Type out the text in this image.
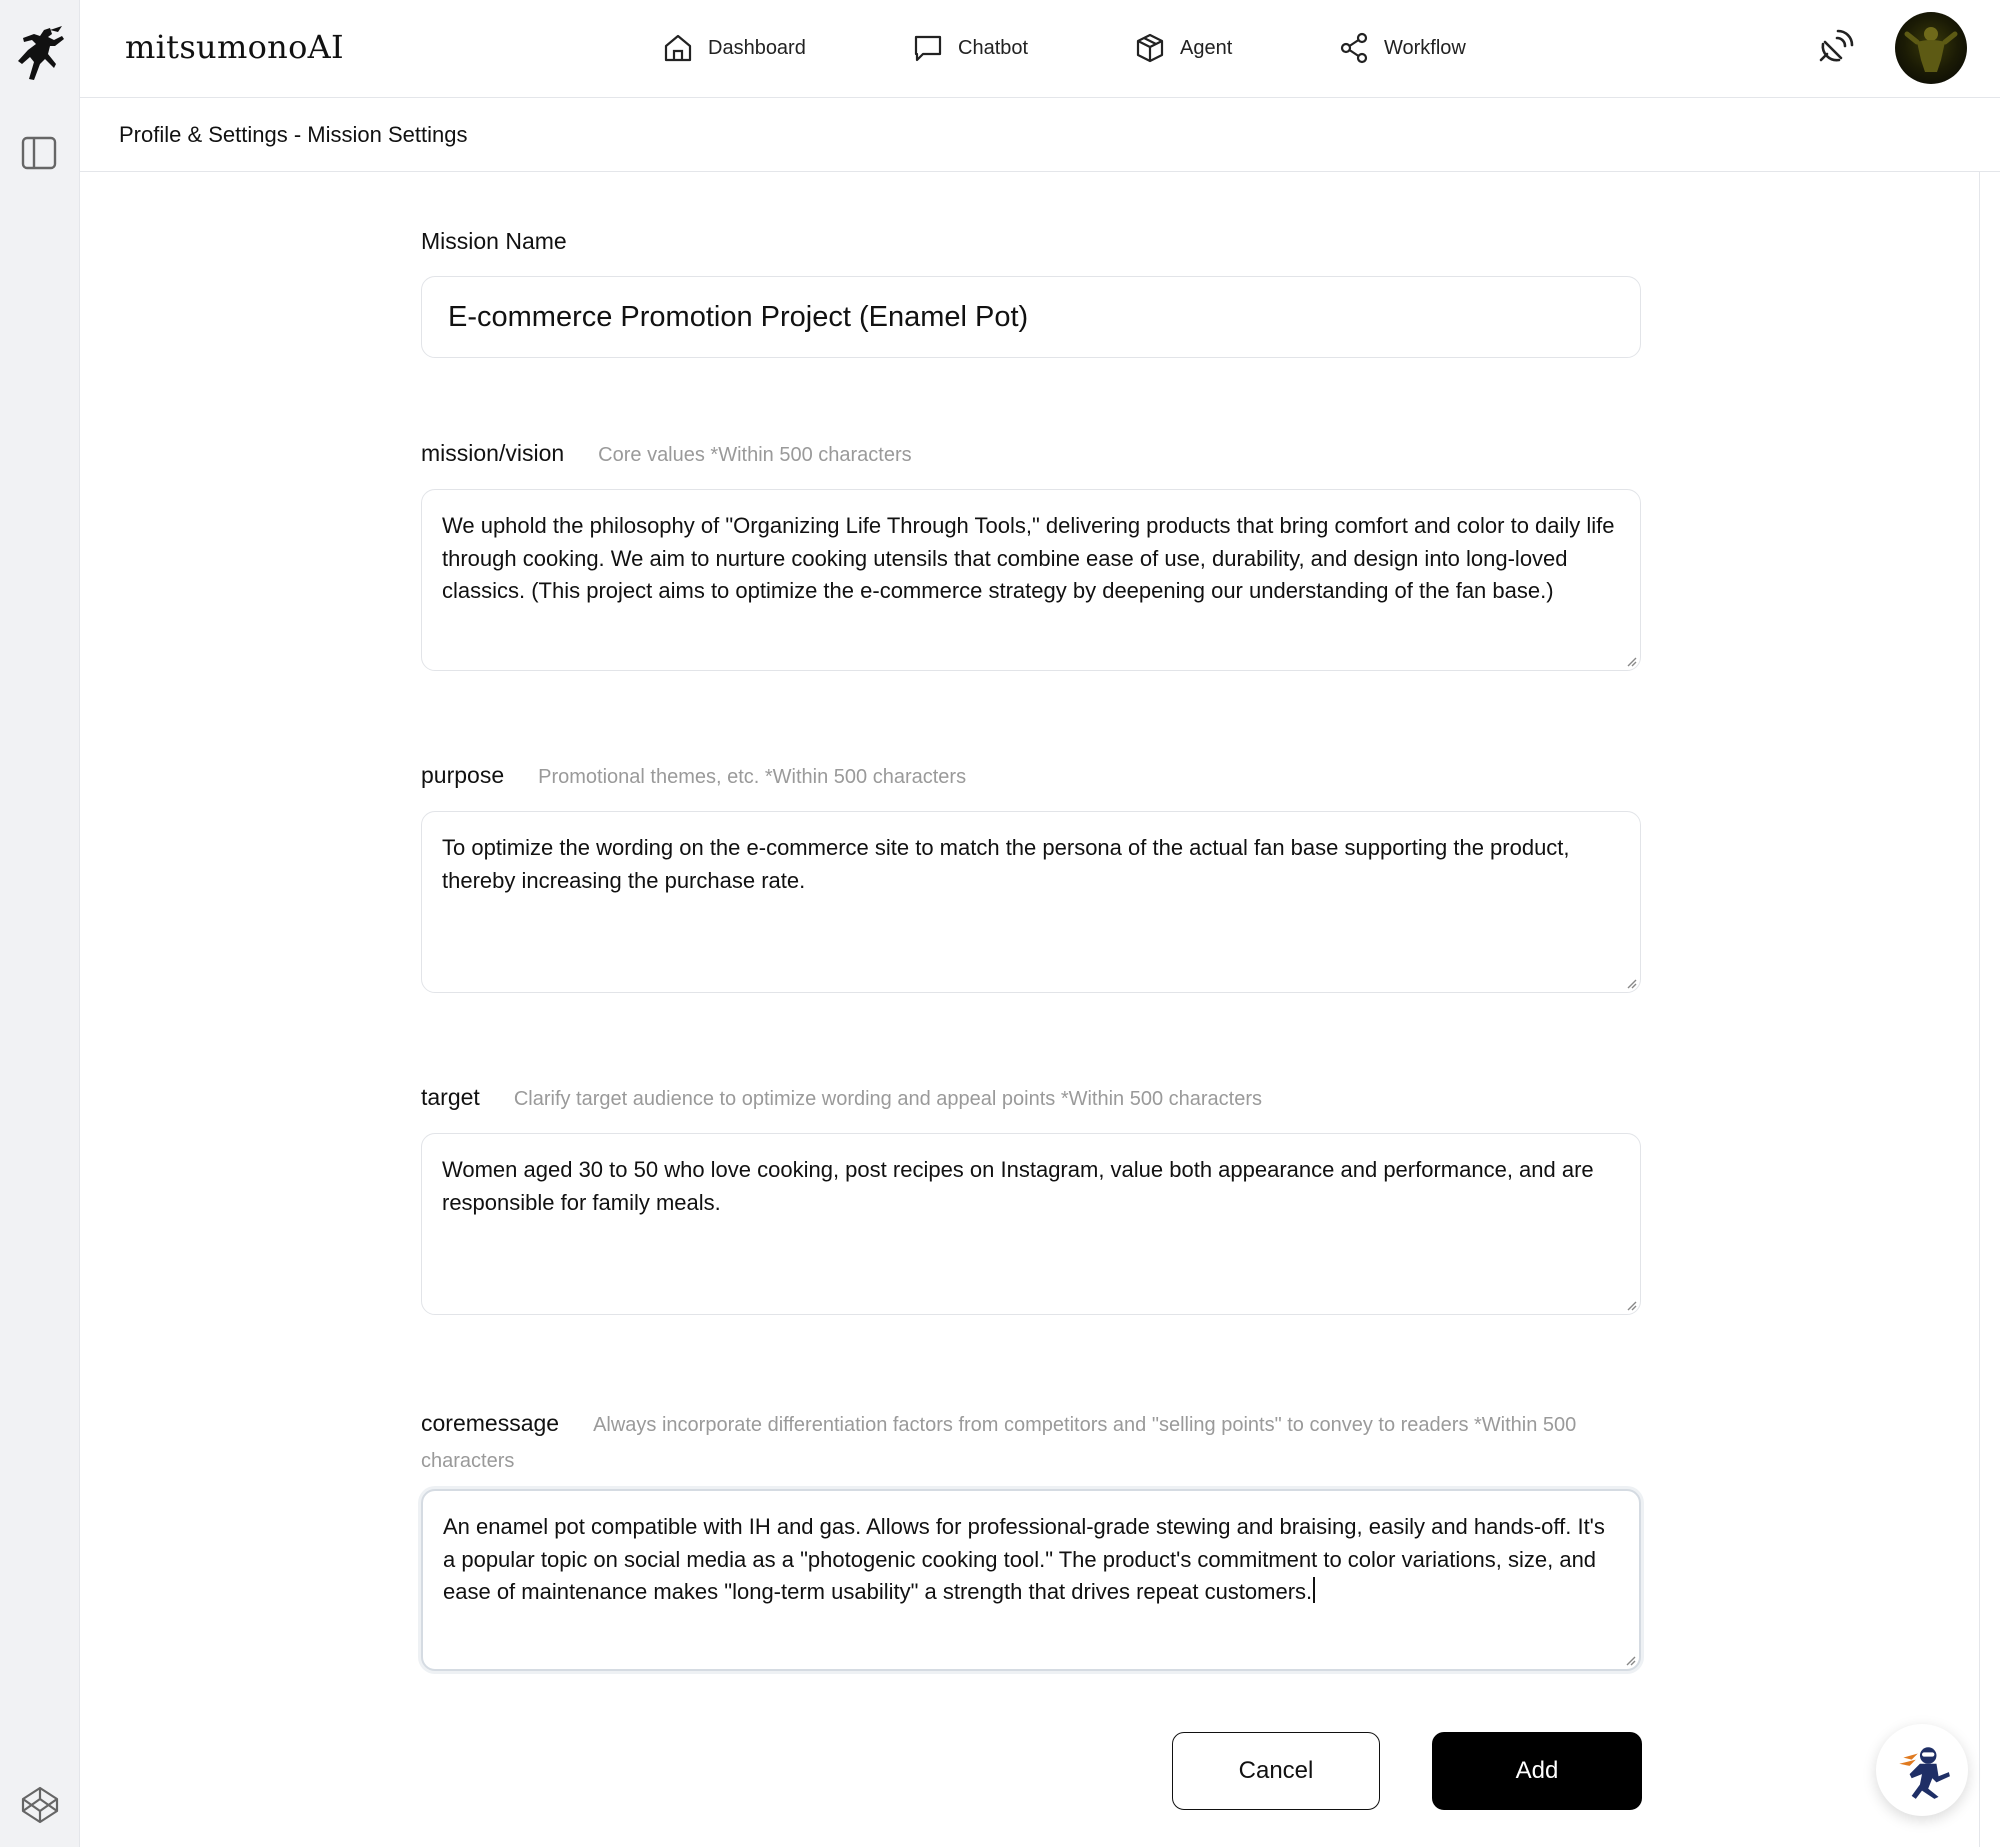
mitsumonoAI	Dashboard	Chatbot	Agent	Workflow
Profile & Settings - Mission Settings
Mission Name
E-commerce Promotion Project (Enamel Pot)
mission/vision Core values *Within 500 characters
We uphold the philosophy of "Organizing Life Through Tools," delivering products that bring comfort and color to daily life through cooking. We aim to nurture cooking utensils that combine ease of use, durability, and design into long-loved classics. (This project aims to optimize the e-commerce strategy by deepening our understanding of the fan base.)
purpose Promotional themes, etc. *Within 500 characters
To optimize the wording on the e-commerce site to match the persona of the actual fan base supporting the product, thereby increasing the purchase rate.
target Clarify target audience to optimize wording and appeal points *Within 500 characters
Women aged 30 to 50 who love cooking, post recipes on Instagram, value both appearance and performance, and are responsible for family meals.
coremessage Always incorporate differentiation factors from competitors and "selling points" to convey to readers *Within 500 characters
An enamel pot compatible with IH and gas. Allows for professional-grade stewing and braising, easily and hands-off. It's a popular topic on social media as a "photogenic cooking tool." The product's commitment to color variations, size, and ease of maintenance makes "long-term usability" a strength that drives repeat customers.
Cancel	Add
